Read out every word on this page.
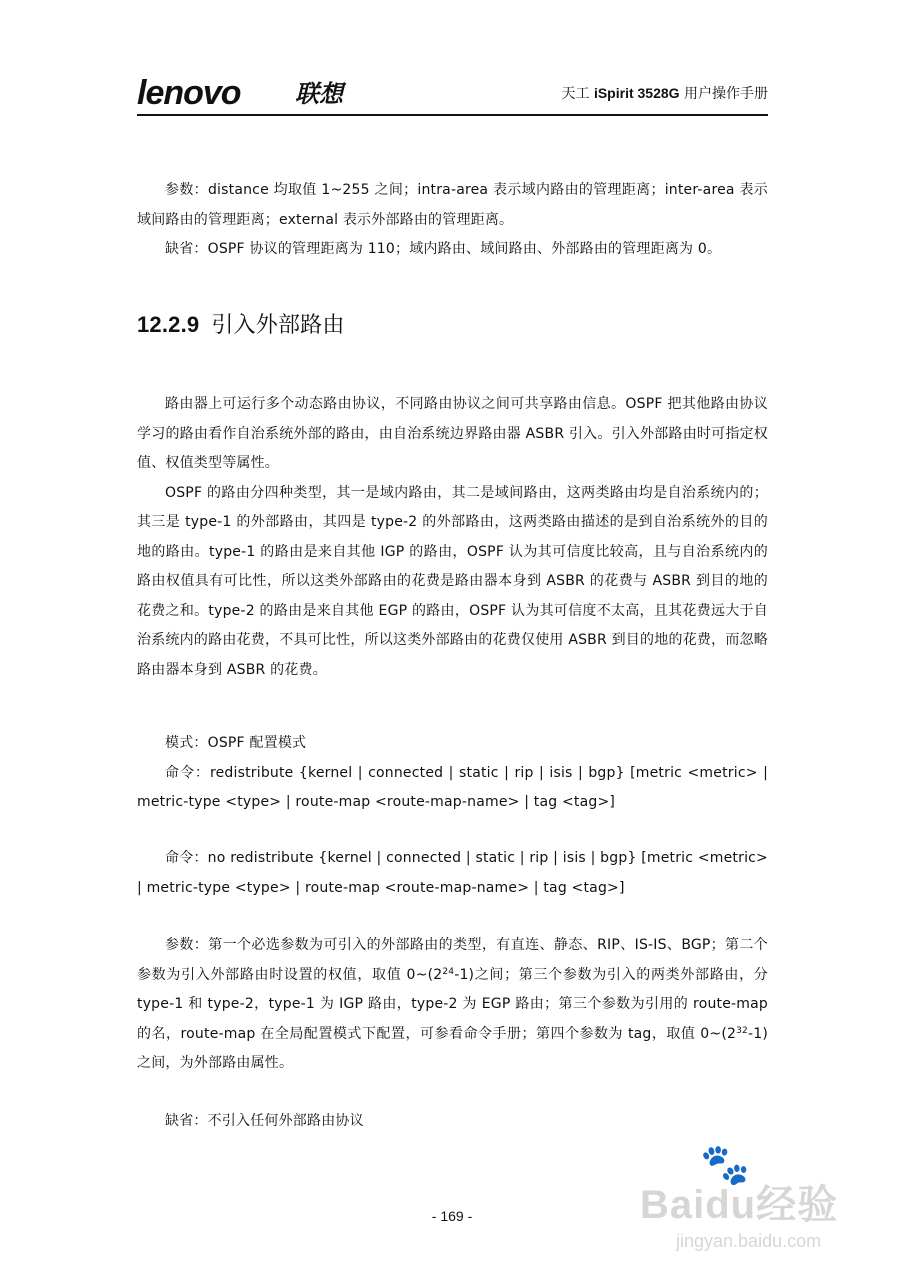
lenovo 联想	天工 iSpirit 3528G 用户操作手册

参数：distance 均取值 1~255 之间；intra-area 表示域内路由的管理距离；inter-area 表示域间路由的管理距离；external 表示外部路由的管理距离。

缺省：OSPF 协议的管理距离为 110；域内路由、域间路由、外部路由的管理距离为 0。

12.2.9 引入外部路由

路由器上可运行多个动态路由协议，不同路由协议之间可共享路由信息。OSPF 把其他路由协议学习的路由看作自治系统外部的路由，由自治系统边界路由器 ASBR 引入。引入外部路由时可指定权值、权值类型等属性。

OSPF 的路由分四种类型，其一是域内路由，其二是域间路由，这两类路由均是自治系统内的；其三是 type-1 的外部路由，其四是 type-2 的外部路由，这两类路由描述的是到自治系统外的目的地的路由。type-1 的路由是来自其他 IGP 的路由，OSPF 认为其可信度比较高，且与自治系统内的路由权值具有可比性，所以这类外部路由的花费是路由器本身到 ASBR 的花费与 ASBR 到目的地的花费之和。type-2 的路由是来自其他 EGP 的路由，OSPF 认为其可信度不太高，且其花费远大于自治系统内的路由花费，不具可比性，所以这类外部路由的花费仅使用 ASBR 到目的地的花费，而忽略路由器本身到 ASBR 的花费。

模式：OSPF 配置模式

命令：redistribute {kernel | connected | static | rip | isis | bgp} [metric <metric> | metric-type <type> | route-map <route-map-name> | tag <tag>]

命令：no redistribute {kernel | connected | static | rip | isis | bgp} [metric <metric> | metric-type <type> | route-map <route-map-name> | tag <tag>]

参数：第一个必选参数为可引入的外部路由的类型，有直连、静态、RIP、IS-IS、BGP；第二个参数为引入外部路由时设置的权值，取值 $0\sim(2^{24}-1)$之间；第三个参数为引入的两类外部路由，分 type-1 和 type-2，type-1 为 IGP 路由，type-2 为 EGP 路由；第三个参数为引用的 route-map 的名，route-map 在全局配置模式下配置，可参看命令手册；第四个参数为 tag，取值 $0\sim(2^{32}-1)$之间，为外部路由属性。

缺省：不引入任何外部路由协议

🐾
Baidu经验
jingyan.baidu.com
- 169 -
